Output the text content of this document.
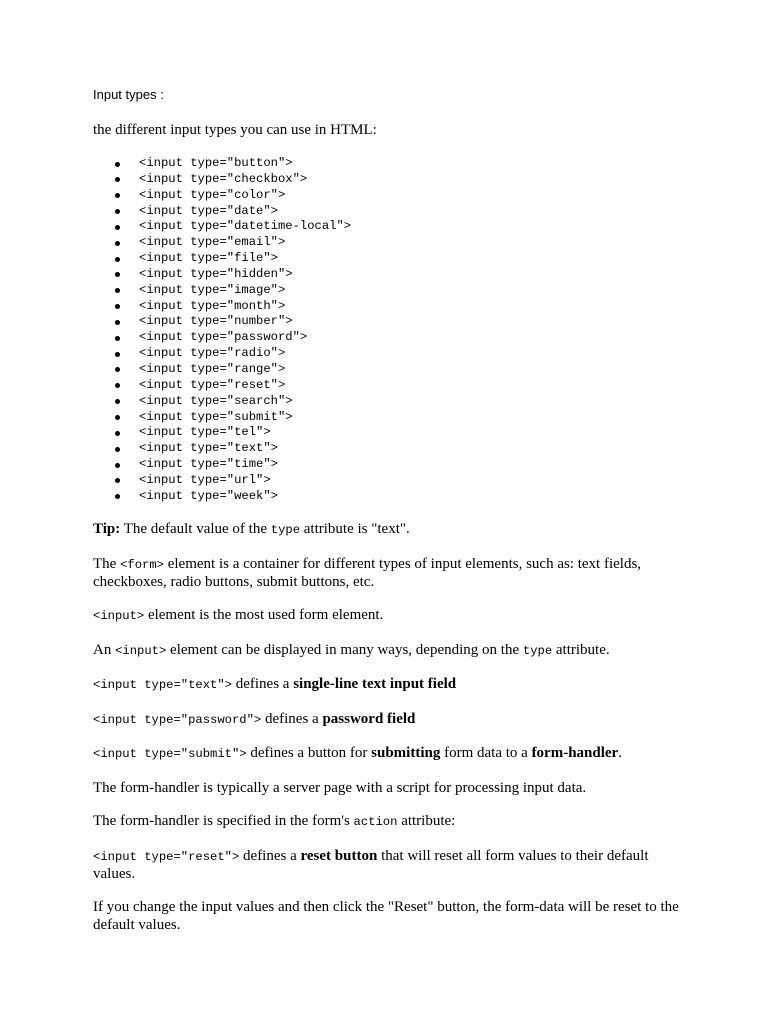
Input types :

the different input types you can use in HTML:

<input type="button">
<input type="checkbox">
<input type="color">
<input type="date">
<input type="datetime-local">
<input type="email">
<input type="file">
<input type="hidden">
<input type="image">
<input type="month">
<input type="number">
<input type="password">
<input type="radio">
<input type="range">
<input type="reset">
<input type="search">
<input type="submit">
<input type="tel">
<input type="text">
<input type="time">
<input type="url">
<input type="week">

Tip: The default value of the type attribute is "text".

The <form> element is a container for different types of input elements, such as: text fields, checkboxes, radio buttons, submit buttons, etc.

<input> element is the most used form element.

An <input> element can be displayed in many ways, depending on the type attribute.

<input type="text"> defines a single-line text input field

<input type="password"> defines a password field

<input type="submit"> defines a button for submitting form data to a form-handler.

The form-handler is typically a server page with a script for processing input data.

The form-handler is specified in the form's action attribute:

<input type="reset"> defines a reset button that will reset all form values to their default values.

If you change the input values and then click the "Reset" button, the form-data will be reset to the default values.
